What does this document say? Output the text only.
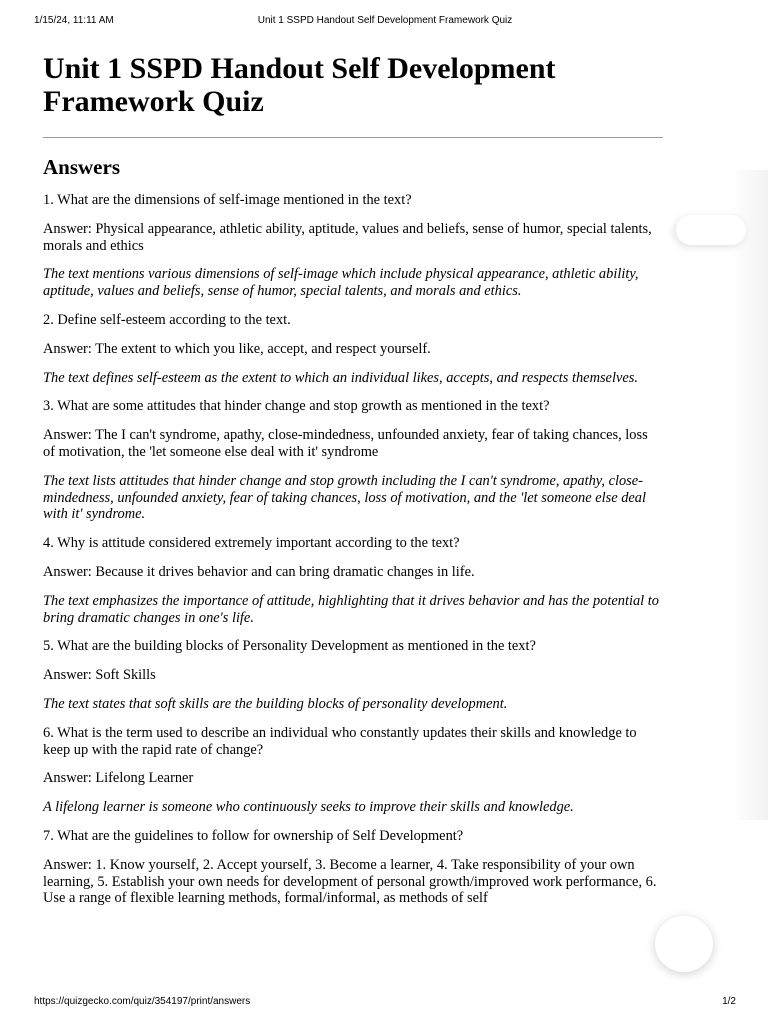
1/15/24, 11:11 AM	Unit 1 SSPD Handout Self Development Framework Quiz
Unit 1 SSPD Handout Self Development
Framework Quiz
Answers

1. What are the dimensions of self-image mentioned in the text?

Answer: Physical appearance, athletic ability, aptitude, values and beliefs, sense of humor, special talents, morals and ethics

The text mentions various dimensions of self-image which include physical appearance, athletic ability, aptitude, values and beliefs, sense of humor, special talents, and morals and ethics.

2. Define self-esteem according to the text.

Answer: The extent to which you like, accept, and respect yourself.

The text defines self-esteem as the extent to which an individual likes, accepts, and respects themselves.

3. What are some attitudes that hinder change and stop growth as mentioned in the text?

Answer: The I can't syndrome, apathy, close-mindedness, unfounded anxiety, fear of taking chances, loss of motivation, the 'let someone else deal with it' syndrome

The text lists attitudes that hinder change and stop growth including the I can't syndrome, apathy, close-mindedness, unfounded anxiety, fear of taking chances, loss of motivation, and the 'let someone else deal with it' syndrome.

4. Why is attitude considered extremely important according to the text?

Answer: Because it drives behavior and can bring dramatic changes in life.

The text emphasizes the importance of attitude, highlighting that it drives behavior and has the potential to bring dramatic changes in one's life.

5. What are the building blocks of Personality Development as mentioned in the text?

Answer: Soft Skills

The text states that soft skills are the building blocks of personality development.

6. What is the term used to describe an individual who constantly updates their skills and knowledge to keep up with the rapid rate of change?

Answer: Lifelong Learner

A lifelong learner is someone who continuously seeks to improve their skills and knowledge.

7. What are the guidelines to follow for ownership of Self Development?

Answer: 1. Know yourself, 2. Accept yourself, 3. Become a learner, 4. Take responsibility of your own learning, 5. Establish your own needs for development of personal growth/improved work performance, 6. Use a range of flexible learning methods, formal/informal, as methods of self

https://quizgecko.com/quiz/354197/print/answers	1/2
